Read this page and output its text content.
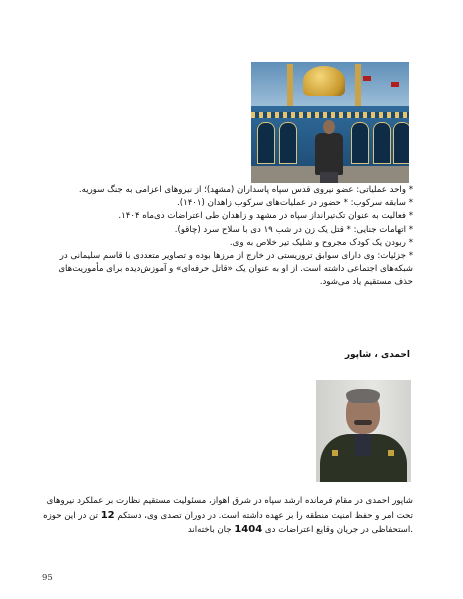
* واحد عملیاتی: عضو نیروی قدس سپاه پاسداران (مشهد)؛ از نیروهای اعزامی به جنگ سوریه.

* سابقه سرکوب: * حضور در عملیات‌های سرکوب زاهدان (۱۴۰۱).

* فعالیت به عنوان تک‌تیرانداز سپاه در مشهد و زاهدان طی اعتراضات دی‌ماه ۱۴۰۴.

* اتهامات جنایی: * قتل یک زن در شب ۱۹ دی با سلاح سرد (چاقو).

* ربودن یک کودک مجروح و شلیک تیر خلاص به وی.

* جزئیات: وی دارای سوابق تروریستی در خارج از مرزها بوده و تصاویر متعددی با قاسم سلیمانی در

شبکه‌های اجتماعی داشته است. از او به عنوان یک «قاتل حرفه‌ای» و آموزش‌دیده برای مأموریت‌های

حذف مستقیم یاد می‌شود.

احمدی ، شاپور

شاپور احمدی در مقام فرمانده ارشد سپاه در شرق اهواز، مسئولیت مستقیم نظارت بر عملکرد نیروهای

تحت امر و حفظ امنیت منطقه را بر عهده داشته است. در دوران تصدی وی، دستکم 12 تن در این حوزه

.استحفاظی در جریان وقایع اعتراضات دی 1404 جان باخته‌اند

95
